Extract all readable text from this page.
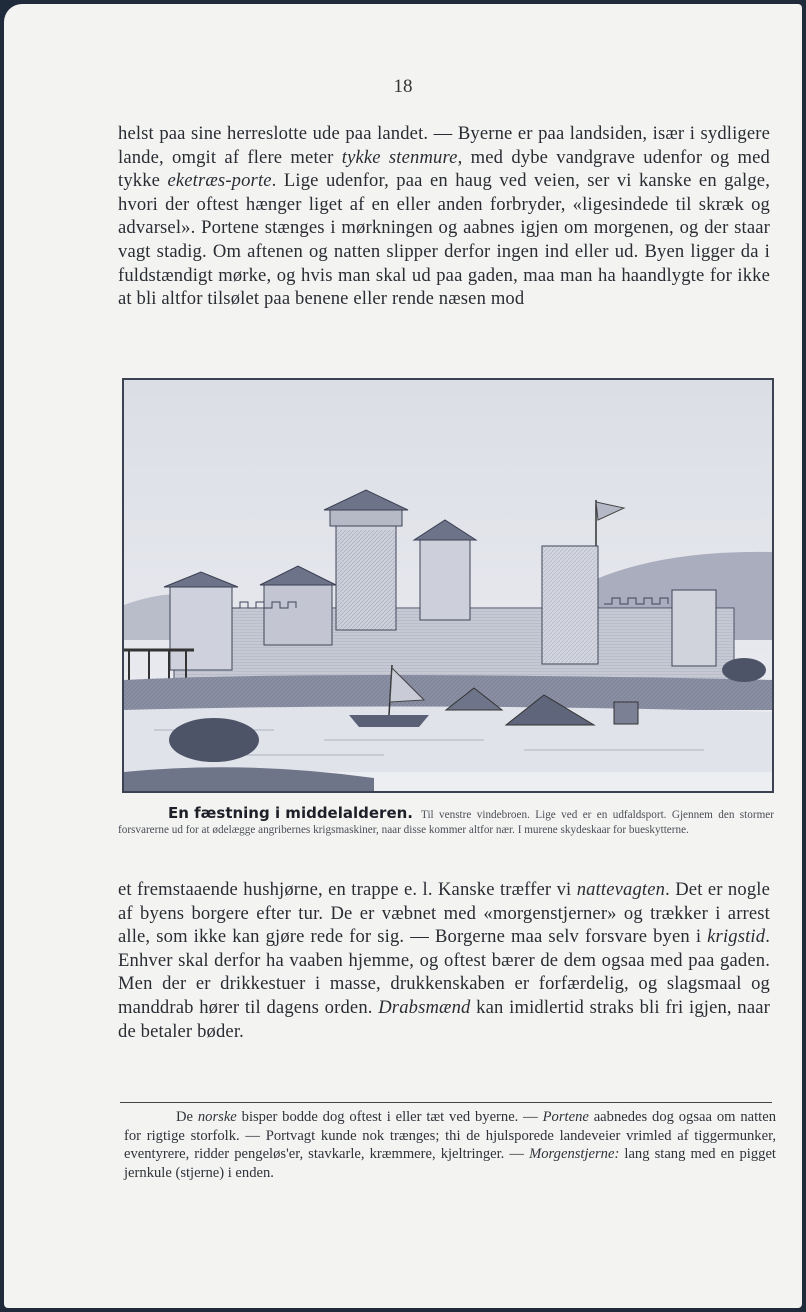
18

helst paa sine herreslotte ude paa landet. — Byerne er paa landsiden, især i sydligere lande, omgit af flere meter tykke stenmure, med dybe vandgrave udenfor og med tykke eketræs-porte. Lige udenfor, paa en haug ved veien, ser vi kanske en galge, hvori der oftest hænger liget af en eller anden forbryder, «ligesindede til skræk og advarsel». Portene stænges i mørkningen og aabnes igjen om morgenen, og der staar vagt stadig. Om aftenen og natten slipper derfor ingen ind eller ud. Byen ligger da i fuldstændigt mørke, og hvis man skal ud paa gaden, maa man ha haandlygte for ikke at bli altfor tilsølet paa benene eller rende næsen mod

En fæstning i middelalderen. Til venstre vindebroen. Lige ved er en udfaldsport. Gjennem den stormer forsvarerne ud for at ødelægge angribernes krigsmaskiner, naar disse kommer altfor nær. I murene skydeskaar for bueskytterne.

et fremstaaende hushjørne, en trappe e. l. Kanske træffer vi nattevagten. Det er nogle af byens borgere efter tur. De er væbnet med «morgenstjerner» og trækker i arrest alle, som ikke kan gjøre rede for sig. — Borgerne maa selv forsvare byen i krigstid. Enhver skal derfor ha vaaben hjemme, og oftest bærer de dem ogsaa med paa gaden. Men der er drikkestuer i masse, drukkenskaben er forfærdelig, og slagsmaal og manddrab hører til dagens orden. Drabsmænd kan imidlertid straks bli fri igjen, naar de betaler bøder.

De norske bisper bodde dog oftest i eller tæt ved byerne. — Portene aabnedes dog ogsaa om natten for rigtige storfolk. — Portvagt kunde nok trænges; thi de hjulsporede landeveier vrimled af tiggermunker, eventyrere, ridder pengeløs'er, stavkarle, kræmmere, kjeltringer. — Morgenstjerne: lang stang med en pigget jernkule (stjerne) i enden.
